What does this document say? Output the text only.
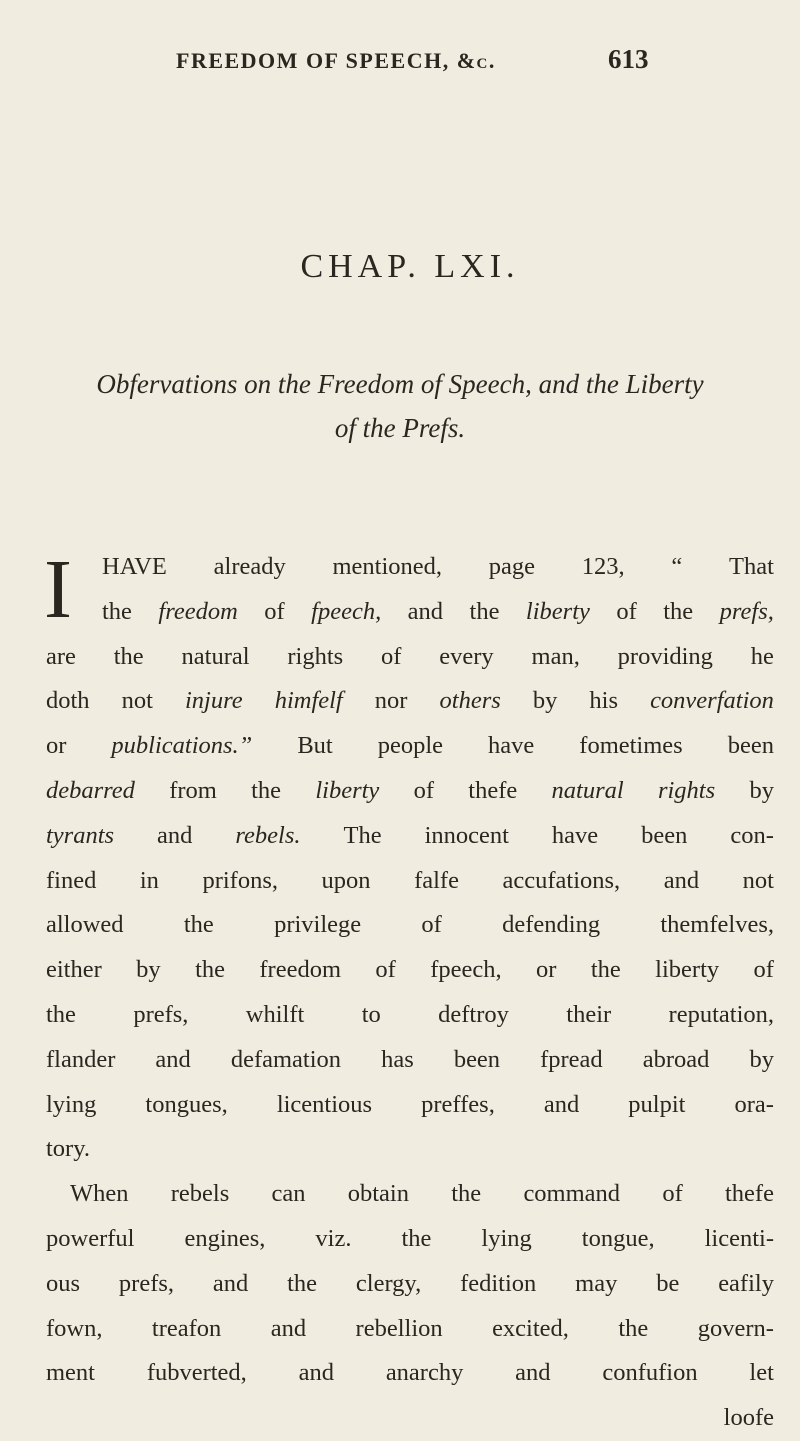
FREEDOM OF SPEECH, &c.	613
CHAP. LXI.
Obfervations on the Freedom of Speech, and the Liberty
of the Prefs.
I HAVE already mentioned, page 123, “ That
the freedom of fpeech, and the liberty of the prefs,
are the natural rights of every man, providing he
doth not injure himfelf nor others by his converfation
or publications.” But people have fometimes been
debarred from the liberty of thefe natural rights by
tyrants and rebels. The innocent have been con-
fined in prifons, upon falfe accufations, and not
allowed the privilege of defending themfelves,
either by the freedom of fpeech, or the liberty of
the prefs, whilft to deftroy their reputation,
flander and defamation has been fpread abroad by
lying tongues, licentious preffes, and pulpit ora-
tory.
When rebels can obtain the command of thefe
powerful engines, viz. the lying tongue, licenti-
ous prefs, and the clergy, fedition may be eafily
fown, treafon and rebellion excited, the govern-
ment fubverted, and anarchy and confufion let
loofe
